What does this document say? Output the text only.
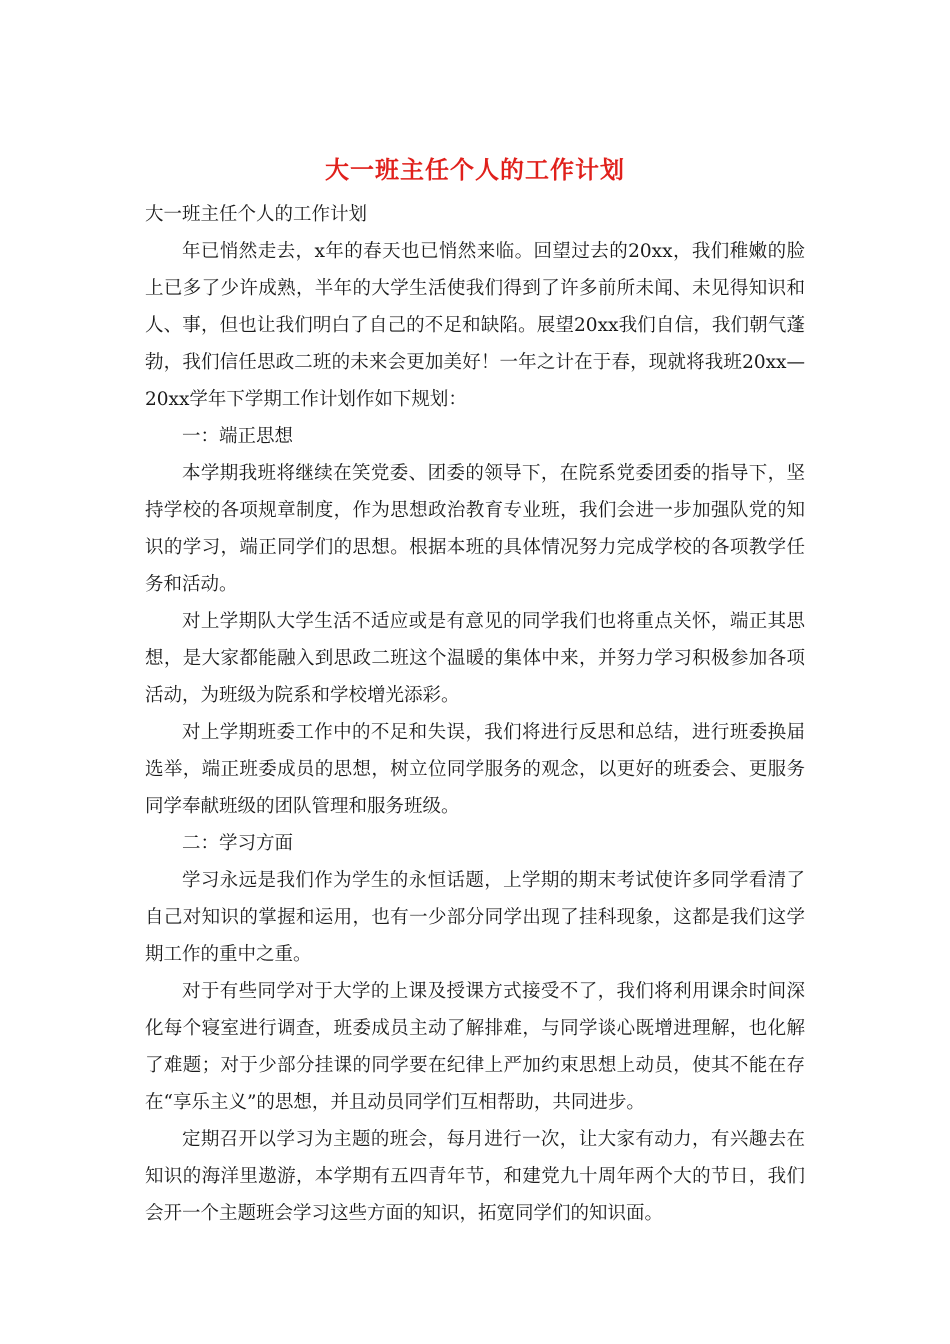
大一班主任个人的工作计划

大一班主任个人的工作计划

年已悄然走去，x年的春天也已悄然来临。回望过去的20xx，我们稚嫩的脸上已多了少许成熟，半年的大学生活使我们得到了许多前所未闻、未见得知识和人、事，但也让我们明白了自己的不足和缺陷。展望20xx我们自信，我们朝气蓬勃，我们信任思政二班的未来会更加美好！一年之计在于春，现就将我班20xx—20xx学年下学期工作计划作如下规划：

一：端正思想

本学期我班将继续在笑党委、团委的领导下，在院系党委团委的指导下，坚持学校的各项规章制度，作为思想政治教育专业班，我们会进一步加强队党的知识的学习，端正同学们的思想。根据本班的具体情况努力完成学校的各项教学任务和活动。

对上学期队大学生活不适应或是有意见的同学我们也将重点关怀，端正其思想，是大家都能融入到思政二班这个温暖的集体中来，并努力学习积极参加各项活动，为班级为院系和学校增光添彩。

对上学期班委工作中的不足和失误，我们将进行反思和总结，进行班委换届选举，端正班委成员的思想，树立位同学服务的观念，以更好的班委会、更服务同学奉献班级的团队管理和服务班级。

二：学习方面

学习永远是我们作为学生的永恒话题，上学期的期末考试使许多同学看清了自己对知识的掌握和运用，也有一少部分同学出现了挂科现象，这都是我们这学期工作的重中之重。

对于有些同学对于大学的上课及授课方式接受不了，我们将利用课余时间深化每个寝室进行调查，班委成员主动了解排难，与同学谈心既增进理解，也化解了难题；对于少部分挂课的同学要在纪律上严加约束思想上动员，使其不能在存在“享乐主义”的思想，并且动员同学们互相帮助，共同进步。

定期召开以学习为主题的班会，每月进行一次，让大家有动力，有兴趣去在知识的海洋里遨游，本学期有五四青年节，和建党九十周年两个大的节日，我们会开一个主题班会学习这些方面的知识，拓宽同学们的知识面。
